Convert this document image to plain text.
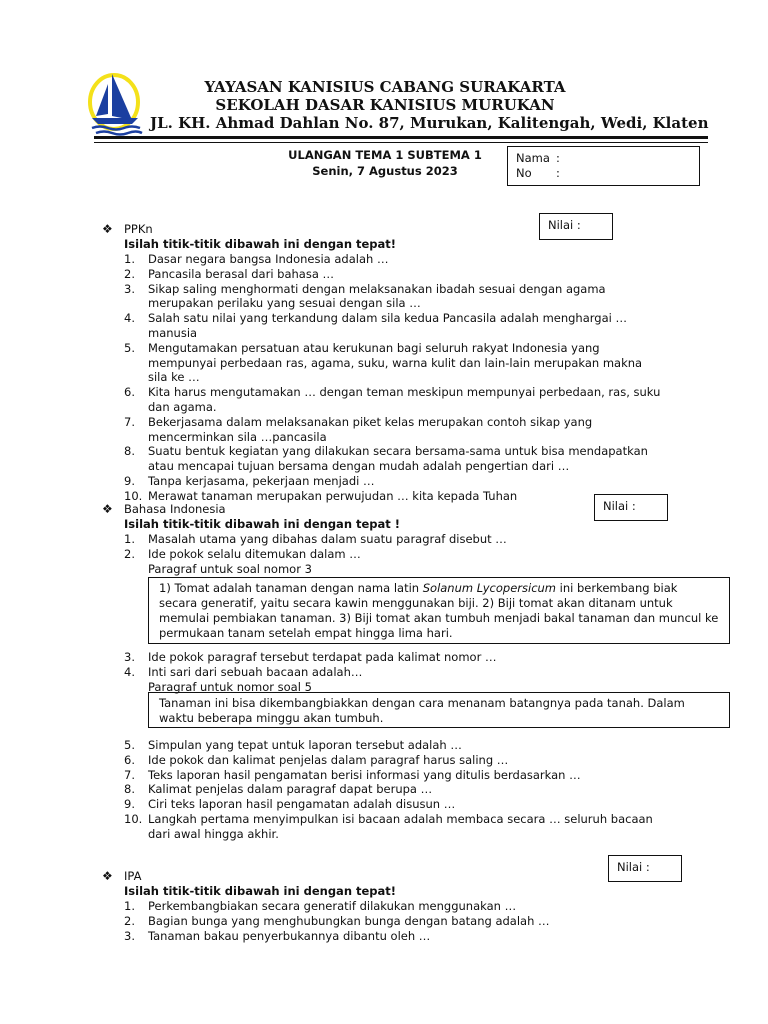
YAYASAN KANISIUS CABANG SURAKARTA
SEKOLAH DASAR KANISIUS MURUKAN
JL. KH. Ahmad Dahlan No. 87, Murukan, Kalitengah, Wedi, Klaten
ULANGAN TEMA 1 SUBTEMA 1
Senin, 7 Agustus 2023
Nama :
No	:
Nilai :
❖ PPKn
Isilah titik-titik dibawah ini dengan tepat!
1.	Dasar negara bangsa Indonesia adalah …
2.	Pancasila berasal dari bahasa …
3.	Sikap saling menghormati dengan melaksanakan ibadah sesuai dengan agama merupakan perilaku yang sesuai dengan sila …
4.	Salah satu nilai yang terkandung dalam sila kedua Pancasila adalah menghargai … manusia
5.	Mengutamakan persatuan atau kerukunan bagi seluruh rakyat Indonesia yang mempunyai perbedaan ras, agama, suku, warna kulit dan lain-lain merupakan makna sila ke …
6.	Kita harus mengutamakan … dengan teman meskipun mempunyai perbedaan, ras, suku dan agama.
7.	Bekerjasama dalam melaksanakan piket kelas merupakan contoh sikap yang mencerminkan sila …pancasila
8.	Suatu bentuk kegiatan yang dilakukan secara bersama-sama untuk bisa mendapatkan atau mencapai tujuan bersama dengan mudah adalah pengertian dari …
9.	Tanpa kerjasama, pekerjaan menjadi …
10. Merawat tanaman merupakan perwujudan … kita kepada Tuhan
Nilai :
❖ Bahasa Indonesia
Isilah titik-titik dibawah ini dengan tepat !
1.	Masalah utama yang dibahas dalam suatu paragraf disebut …
2.	Ide pokok selalu ditemukan dalam …
Paragraf untuk soal nomor 3
1) Tomat adalah tanaman dengan nama latin Solanum Lycopersicum ini berkembang biak secara generatif, yaitu secara kawin menggunakan biji. 2) Biji tomat akan ditanam untuk memulai pembiakan tanaman. 3) Biji tomat akan tumbuh menjadi bakal tanaman dan muncul ke permukaan tanam setelah empat hingga lima hari.
3.	Ide pokok paragraf tersebut terdapat pada kalimat nomor …
4.	Inti sari dari sebuah bacaan adalah…
Paragraf untuk nomor soal 5
Tanaman ini bisa dikembangbiakkan dengan cara menanam batangnya pada tanah. Dalam waktu beberapa minggu akan tumbuh.
5.	Simpulan yang tepat untuk laporan tersebut adalah …
6.	Ide pokok dan kalimat penjelas dalam paragraf harus saling …
7.	Teks laporan hasil pengamatan berisi informasi yang ditulis berdasarkan …
8.	Kalimat penjelas dalam paragraf dapat berupa …
9.	Ciri teks laporan hasil pengamatan adalah disusun …
10. Langkah pertama menyimpulkan isi bacaan adalah membaca secara … seluruh bacaan dari awal hingga akhir.
Nilai :
❖ IPA
Isilah titik-titik dibawah ini dengan tepat!
1.	Perkembangbiakan secara generatif dilakukan menggunakan …
2.	Bagian bunga yang menghubungkan bunga dengan batang adalah …
3.	Tanaman bakau penyerbukannya dibantu oleh …
